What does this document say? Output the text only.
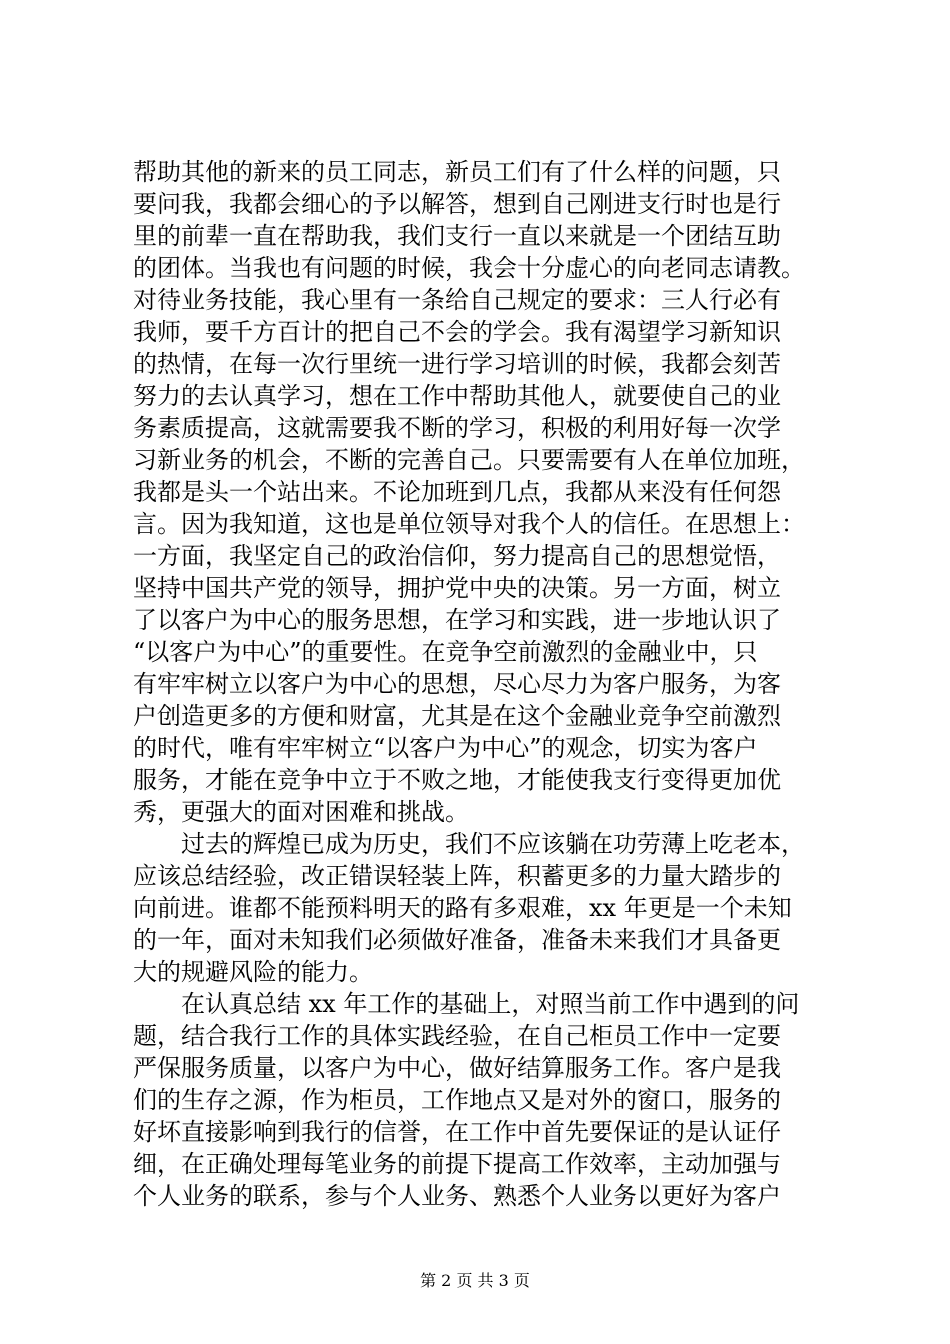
帮助其他的新来的员工同志，新员工们有了什么样的问题，只
要问我，我都会细心的予以解答，想到自己刚进支行时也是行
里的前辈一直在帮助我，我们支行一直以来就是一个团结互助
的团体。当我也有问题的时候，我会十分虚心的向老同志请教。
对待业务技能，我心里有一条给自己规定的要求：三人行必有
我师，要千方百计的把自己不会的学会。我有渴望学习新知识
的热情，在每一次行里统一进行学习培训的时候，我都会刻苦
努力的去认真学习，想在工作中帮助其他人，就要使自己的业
务素质提高，这就需要我不断的学习，积极的利用好每一次学
习新业务的机会，不断的完善自己。只要需要有人在单位加班，
我都是头一个站出来。不论加班到几点，我都从来没有任何怨
言。因为我知道，这也是单位领导对我个人的信任。在思想上：
一方面，我坚定自己的政治信仰，努力提高自己的思想觉悟，
坚持中国共产党的领导，拥护党中央的决策。另一方面，树立
了以客户为中心的服务思想，在学习和实践，进一步地认识了
“以客户为中心”的重要性。在竞争空前激烈的金融业中，只
有牢牢树立以客户为中心的思想，尽心尽力为客户服务，为客
户创造更多的方便和财富，尤其是在这个金融业竞争空前激烈
的时代，唯有牢牢树立“以客户为中心”的观念，切实为客户
服务，才能在竞争中立于不败之地，才能使我支行变得更加优
秀，更强大的面对困难和挑战。
　　过去的辉煌已成为历史，我们不应该躺在功劳薄上吃老本，
应该总结经验，改正错误轻装上阵，积蓄更多的力量大踏步的
向前进。谁都不能预料明天的路有多艰难，xx 年更是一个未知
的一年，面对未知我们必须做好准备，准备未来我们才具备更
大的规避风险的能力。
　　在认真总结 xx 年工作的基础上，对照当前工作中遇到的问
题，结合我行工作的具体实践经验，在自己柜员工作中一定要
严保服务质量，以客户为中心，做好结算服务工作。客户是我
们的生存之源，作为柜员，工作地点又是对外的窗口，服务的
好坏直接影响到我行的信誉，在工作中首先要保证的是认证仔
细，在正确处理每笔业务的前提下提高工作效率，主动加强与
个人业务的联系，参与个人业务、熟悉个人业务以更好为客户
第 2 页 共 3 页
